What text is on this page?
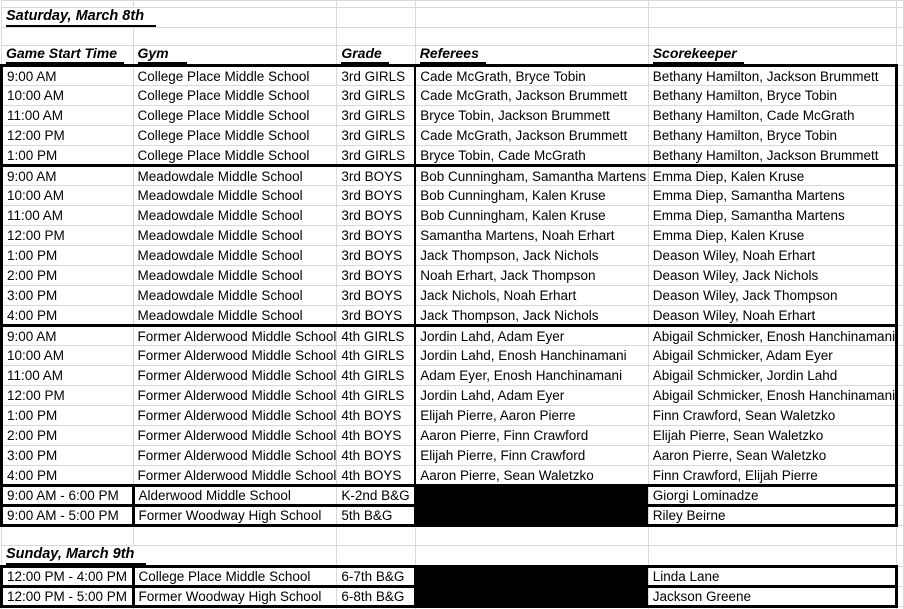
Saturday, March 8th					

Game Start Time	Gym	Grade	Referees	Scorekeeper	
9:00 AM	College Place Middle School	3rd GIRLS	Cade McGrath, Bryce Tobin	Bethany Hamilton, Jackson Brummett	
10:00 AM	College Place Middle School	3rd GIRLS	Cade McGrath, Jackson Brummett	Bethany Hamilton, Bryce Tobin	
11:00 AM	College Place Middle School	3rd GIRLS	Bryce Tobin, Jackson Brummett	Bethany Hamilton, Cade McGrath	
12:00 PM	College Place Middle School	3rd GIRLS	Cade McGrath, Jackson Brummett	Bethany Hamilton, Bryce Tobin	
1:00 PM	College Place Middle School	3rd GIRLS	Bryce Tobin, Cade McGrath	Bethany Hamilton, Jackson Brummett	
9:00 AM	Meadowdale Middle School	3rd BOYS	Bob Cunningham, Samantha Martens	Emma Diep, Kalen Kruse	
10:00 AM	Meadowdale Middle School	3rd BOYS	Bob Cunningham, Kalen Kruse	Emma Diep, Samantha Martens	
11:00 AM	Meadowdale Middle School	3rd BOYS	Bob Cunningham, Kalen Kruse	Emma Diep, Samantha Martens	
12:00 PM	Meadowdale Middle School	3rd BOYS	Samantha Martens, Noah Erhart	Emma Diep, Kalen Kruse	
1:00 PM	Meadowdale Middle School	3rd BOYS	Jack Thompson, Jack Nichols	Deason Wiley, Noah Erhart	
2:00 PM	Meadowdale Middle School	3rd BOYS	Noah Erhart, Jack Thompson	Deason Wiley, Jack Nichols	
3:00 PM	Meadowdale Middle School	3rd BOYS	Jack Nichols, Noah Erhart	Deason Wiley, Jack Thompson	
4:00 PM	Meadowdale Middle School	3rd BOYS	Jack Thompson, Jack Nichols	Deason Wiley, Noah Erhart	
9:00 AM	Former Alderwood Middle School	4th GIRLS	Jordin Lahd, Adam Eyer	Abigail Schmicker, Enosh Hanchinamani	
10:00 AM	Former Alderwood Middle School	4th GIRLS	Jordin Lahd, Enosh Hanchinamani	Abigail Schmicker, Adam Eyer	
11:00 AM	Former Alderwood Middle School	4th GIRLS	Adam Eyer, Enosh Hanchinamani	Abigail Schmicker, Jordin Lahd	
12:00 PM	Former Alderwood Middle School	4th GIRLS	Jordin Lahd, Adam Eyer	Abigail Schmicker, Enosh Hanchinamani	
1:00 PM	Former Alderwood Middle School	4th BOYS	Elijah Pierre, Aaron Pierre	Finn Crawford, Sean Waletzko	
2:00 PM	Former Alderwood Middle School	4th BOYS	Aaron Pierre, Finn Crawford	Elijah Pierre, Sean Waletzko	
3:00 PM	Former Alderwood Middle School	4th BOYS	Elijah Pierre, Finn Crawford	Aaron Pierre, Sean Waletzko	
4:00 PM	Former Alderwood Middle School	4th BOYS	Aaron Pierre, Sean Waletzko	Finn Crawford, Elijah Pierre	
9:00 AM - 6:00 PM	Alderwood Middle School	K-2nd B&G		Giorgi Lominadze	
9:00 AM - 5:00 PM	Former Woodway High School	5th B&G		Riley Beirne	

Sunday, March 9th					
12:00 PM - 4:00 PM	College Place Middle School	6-7th B&G		Linda Lane	
12:00 PM - 5:00 PM	Former Woodway High School	6-8th B&G		Jackson Greene	
